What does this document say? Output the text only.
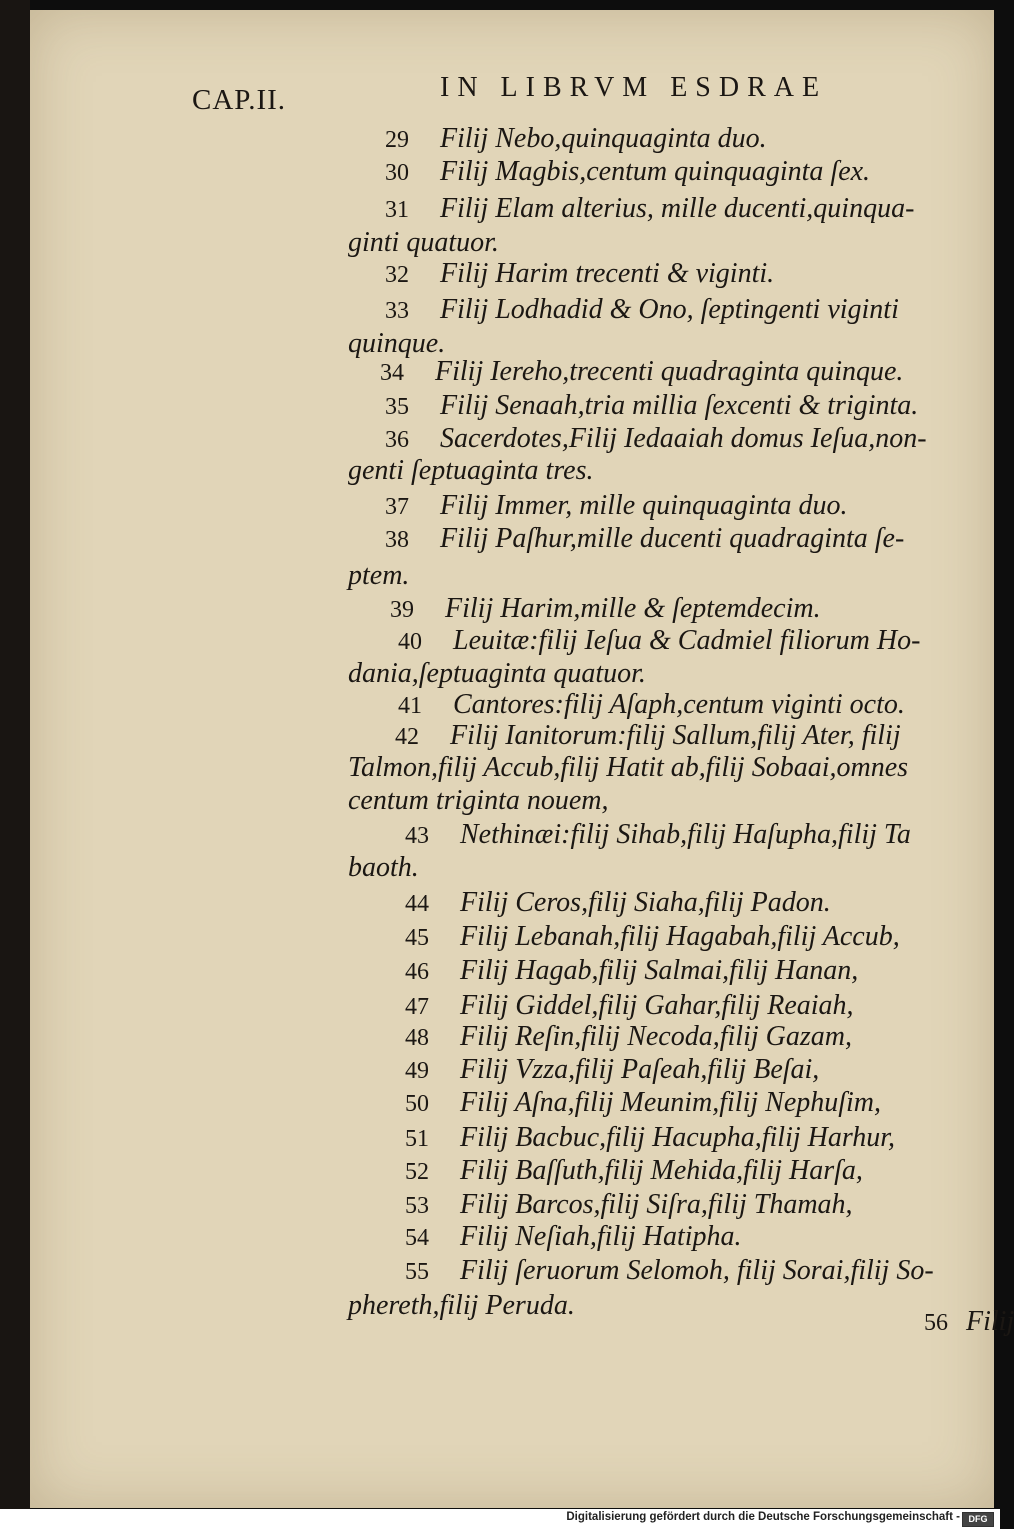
CAP.II.	IN LIBRVM ESDRAE
29 Filij Nebo,quinquaginta duo.
30 Filij Magbis,centum quinquaginta ſex.
31 Filij Elam alterius, mille ducenti,quinqua-
ginti quatuor.
32 Filij Harim trecenti & viginti.
33 Filij Lodhadid & Ono, ſeptingenti viginti
quinque.
34 Filij Iereho,trecenti quadraginta quinque.
35 Filij Senaah,tria millia ſexcenti & triginta.
36 Sacerdotes,Filij Iedaaiah domus Ieſua,non-
genti ſeptuaginta tres.
37 Filij Immer, mille quinquaginta duo.
38 Filij Paſhur,mille ducenti quadraginta ſe-
ptem.
39 Filij Harim,mille & ſeptemdecim.
40 Leuitæ:filij Ieſua & Cadmiel filiorum Ho-
dania,ſeptuaginta quatuor.
41 Cantores:filij Aſaph,centum viginti octo.
42 Filij Ianitorum:filij Sallum,filij Ater, filij
Talmon,filij Accub,filij Hatit ab,filij Sobaai,omnes
centum triginta nouem,
43 Nethinæi:filij Sihab,filij Haſupha,filij Ta
baoth.
44 Filij Ceros,filij Siaha,filij Padon.
45 Filij Lebanah,filij Hagabah,filij Accub,
46 Filij Hagab,filij Salmai,filij Hanan,
47 Filij Giddel,filij Gahar,filij Reaiah,
48 Filij Reſin,filij Necoda,filij Gazam,
49 Filij Vzza,filij Paſeah,filij Beſai,
50 Filij Aſna,filij Meunim,filij Nephuſim,
51 Filij Bacbuc,filij Hacupha,filij Harhur,
52 Filij Baſſuth,filij Mehida,filij Harſa,
53 Filij Barcos,filij Siſra,filij Thamah,
54 Filij Neſiah,filij Hatipha.
55 Filij ſeruorum Selomoh, filij Sorai,filij So-
phereth,filij Peruda.
56 Filij
Digitalisierung gefördert durch die Deutsche Forschungsgemeinschaft - DFG
